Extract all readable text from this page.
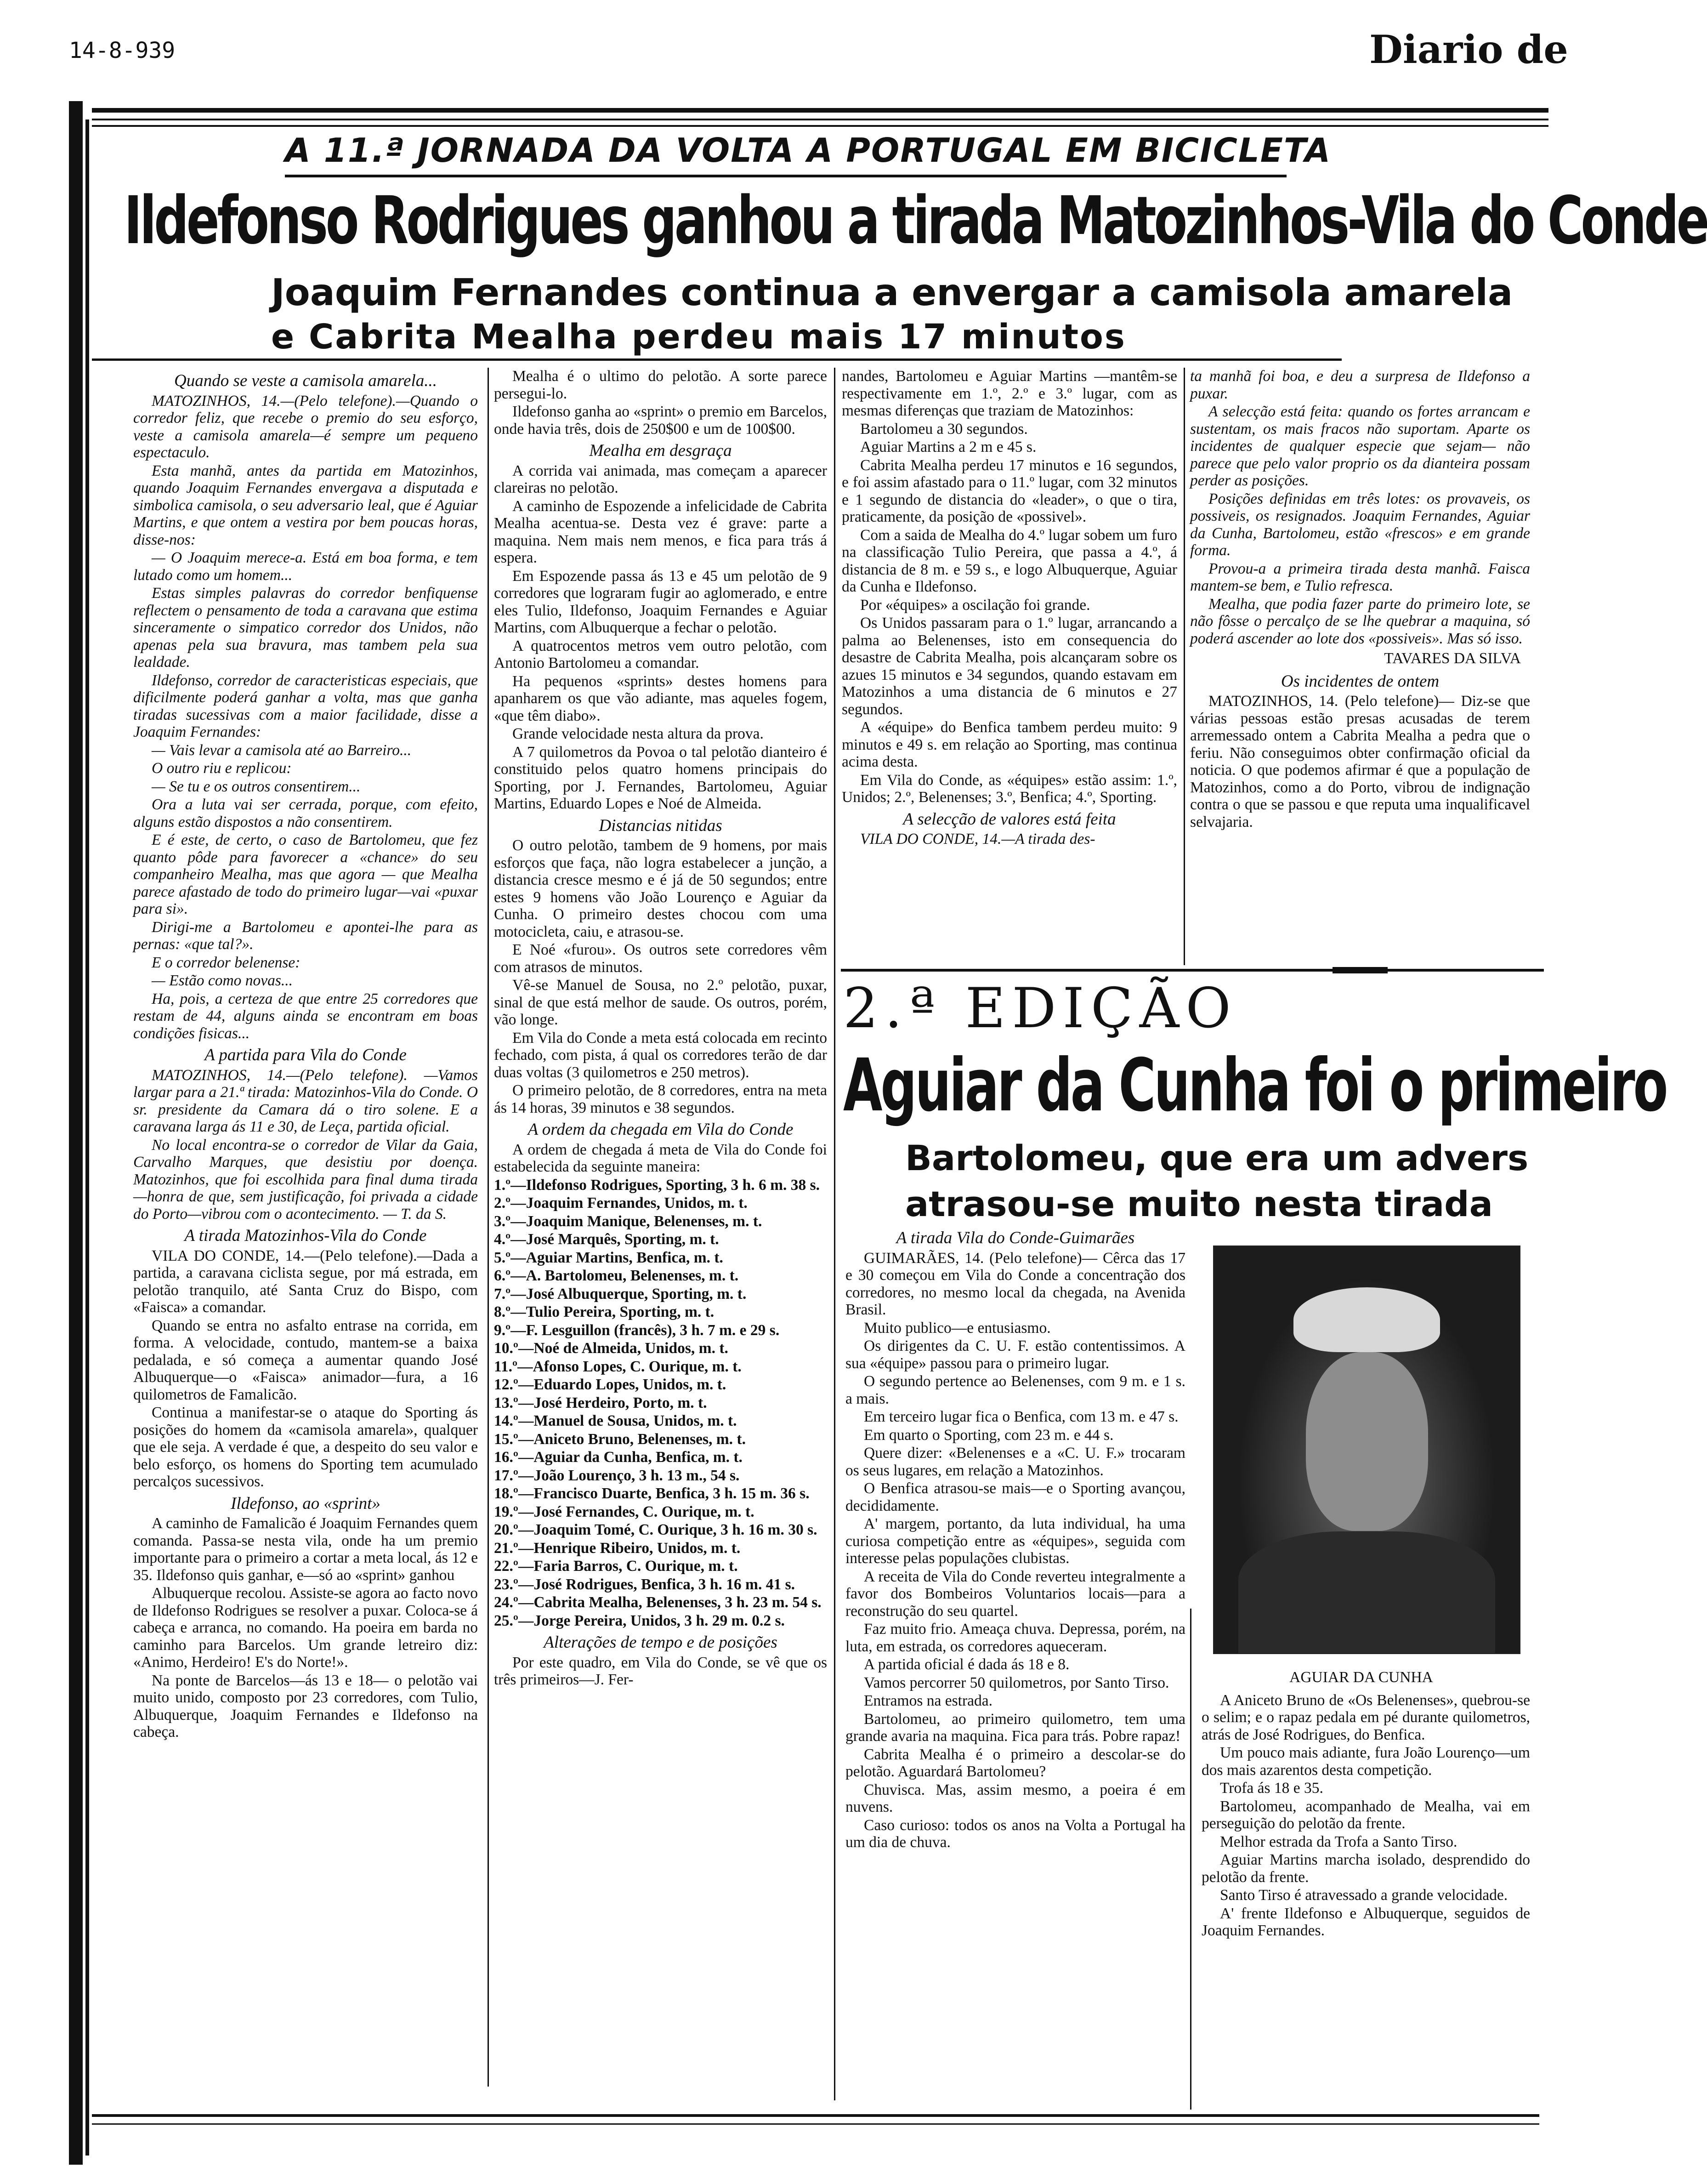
14-8-939	Diario de
A 11.ª JORNADA DA VOLTA A PORTUGAL EM BICICLETA
Ildefonso Rodrigues ganhou a tirada Matozinhos-Vila do Conde
Joaquim Fernandes continua a envergar a camisola amarela
e Cabrita Mealha perdeu mais 17 minutos

Quando se veste a camisola amarela...

MATOZINHOS, 14.—(Pelo telefone).—Quando o corredor feliz, que recebe o premio do seu esforço, veste a camisola amarela—é sempre um pequeno espectaculo.

Esta manhã, antes da partida em Matozinhos, quando Joaquim Fernandes envergava a disputada e simbolica camisola, o seu adversario leal, que é Aguiar Martins, e que ontem a vestira por bem poucas horas, disse-nos:

— O Joaquim merece-a. Está em boa forma, e tem lutado como um homem...

Estas simples palavras do corredor benfiquense reflectem o pensamento de toda a caravana que estima sinceramente o simpatico corredor dos Unidos, não apenas pela sua bravura, mas tambem pela sua lealdade.

Ildefonso, corredor de caracteristicas especiais, que dificilmente poderá ganhar a volta, mas que ganha tiradas sucessivas com a maior facilidade, disse a Joaquim Fernandes:

— Vais levar a camisola até ao Barreiro...

O outro riu e replicou:

— Se tu e os outros consentirem...

Ora a luta vai ser cerrada, porque, com efeito, alguns estão dispostos a não consentirem.

E é este, de certo, o caso de Bartolomeu, que fez quanto pôde para favorecer a «chance» do seu companheiro Mealha, mas que agora — que Mealha parece afastado de todo do primeiro lugar—vai «puxar para si».

Dirigi-me a Bartolomeu e apontei-lhe para as pernas: «que tal?».

E o corredor belenense:

— Estão como novas...

Ha, pois, a certeza de que entre 25 corredores que restam de 44, alguns ainda se encontram em boas condições fisicas...

A partida para Vila do Conde

MATOZINHOS, 14.—(Pelo telefone). —Vamos largar para a 21.ª tirada: Matozinhos-Vila do Conde. O sr. presidente da Camara dá o tiro solene. E a caravana larga ás 11 e 30, de Leça, partida oficial.

No local encontra-se o corredor de Vilar da Gaia, Carvalho Marques, que desistiu por doença. Matozinhos, que foi escolhida para final duma tirada —honra de que, sem justificação, foi privada a cidade do Porto—vibrou com o acontecimento. — T. da S.

A tirada Matozinhos-Vila do Conde

VILA DO CONDE, 14.—(Pelo telefone).—Dada a partida, a caravana ciclista segue, por má estrada, em pelotão tranquilo, até Santa Cruz do Bispo, com «Faisca» a comandar.

Quando se entra no asfalto entrase na corrida, em forma. A velocidade, contudo, mantem-se a baixa pedalada, e só começa a aumentar quando José Albuquerque—o «Faisca» animador—fura, a 16 quilometros de Famalicão.

Continua a manifestar-se o ataque do Sporting ás posições do homem da «camisola amarela», qualquer que ele seja. A verdade é que, a despeito do seu valor e belo esforço, os homens do Sporting tem acumulado percalços sucessivos.

Ildefonso, ao «sprint»

A caminho de Famalicão é Joaquim Fernandes quem comanda. Passa-se nesta vila, onde ha um premio importante para o primeiro a cortar a meta local, ás 12 e 35. Ildefonso quis ganhar, e—só ao «sprint» ganhou

Albuquerque recolou. Assiste-se agora ao facto novo de Ildefonso Rodrigues se resolver a puxar. Coloca-se á cabeça e arranca, no comando. Ha poeira em barda no caminho para Barcelos. Um grande letreiro diz: «Animo, Herdeiro! E's do Norte!».

Na ponte de Barcelos—ás 13 e 18— o pelotão vai muito unido, composto por 23 corredores, com Tulio, Albuquerque, Joaquim Fernandes e Ildefonso na cabeça.

Mealha é o ultimo do pelotão. A sorte parece persegui-lo.

Ildefonso ganha ao «sprint» o premio em Barcelos, onde havia três, dois de 250$00 e um de 100$00.

Mealha em desgraça

A corrida vai animada, mas começam a aparecer clareiras no pelotão.

A caminho de Espozende a infelicidade de Cabrita Mealha acentua-se. Desta vez é grave: parte a maquina. Nem mais nem menos, e fica para trás á espera.

Em Espozende passa ás 13 e 45 um pelotão de 9 corredores que lograram fugir ao aglomerado, e entre eles Tulio, Ildefonso, Joaquim Fernandes e Aguiar Martins, com Albuquerque a fechar o pelotão.

A quatrocentos metros vem outro pelotão, com Antonio Bartolomeu a comandar.

Ha pequenos «sprints» destes homens para apanharem os que vão adiante, mas aqueles fogem, «que têm diabo».

Grande velocidade nesta altura da prova.

A 7 quilometros da Povoa o tal pelotão dianteiro é constituido pelos quatro homens principais do Sporting, por J. Fernandes, Bartolomeu, Aguiar Martins, Eduardo Lopes e Noé de Almeida.

Distancias nitidas

O outro pelotão, tambem de 9 homens, por mais esforços que faça, não logra estabelecer a junção, a distancia cresce mesmo e é já de 50 segundos; entre estes 9 homens vão João Lourenço e Aguiar da Cunha. O primeiro destes chocou com uma motocicleta, caiu, e atrasou-se.

E Noé «furou». Os outros sete corredores vêm com atrasos de minutos.

Vê-se Manuel de Sousa, no 2.º pelotão, puxar, sinal de que está melhor de saude. Os outros, porém, vão longe.

Em Vila do Conde a meta está colocada em recinto fechado, com pista, á qual os corredores terão de dar duas voltas (3 quilometros e 250 metros).

O primeiro pelotão, de 8 corredores, entra na meta ás 14 horas, 39 minutos e 38 segundos.

A ordem da chegada em Vila do Conde

A ordem de chegada á meta de Vila do Conde foi estabelecida da seguinte maneira:

1.º—Ildefonso Rodrigues, Sporting, 3 h. 6 m. 38 s.

2.º—Joaquim Fernandes, Unidos, m. t.

3.º—Joaquim Manique, Belenenses, m. t.

4.º—José Marquês, Sporting, m. t.

5.º—Aguiar Martins, Benfica, m. t.

6.º—A. Bartolomeu, Belenenses, m. t.

7.º—José Albuquerque, Sporting, m. t.

8.º—Tulio Pereira, Sporting, m. t.

9.º—F. Lesguillon (francês), 3 h. 7 m. e 29 s.

10.º—Noé de Almeida, Unidos, m. t.

11.º—Afonso Lopes, C. Ourique, m. t.

12.º—Eduardo Lopes, Unidos, m. t.

13.º—José Herdeiro, Porto, m. t.

14.º—Manuel de Sousa, Unidos, m. t.

15.º—Aniceto Bruno, Belenenses, m. t.

16.º—Aguiar da Cunha, Benfica, m. t.

17.º—João Lourenço, 3 h. 13 m., 54 s.

18.º—Francisco Duarte, Benfica, 3 h. 15 m. 36 s.

19.º—José Fernandes, C. Ourique, m. t.

20.º—Joaquim Tomé, C. Ourique, 3 h. 16 m. 30 s.

21.º—Henrique Ribeiro, Unidos, m. t.

22.º—Faria Barros, C. Ourique, m. t.

23.º—José Rodrigues, Benfica, 3 h. 16 m. 41 s.

24.º—Cabrita Mealha, Belenenses, 3 h. 23 m. 54 s.

25.º—Jorge Pereira, Unidos, 3 h. 29 m. 0.2 s.

Alterações de tempo e de posições

Por este quadro, em Vila do Conde, se vê que os três primeiros—J. Fer-

nandes, Bartolomeu e Aguiar Martins —mantêm-se respectivamente em 1.º, 2.º e 3.º lugar, com as mesmas diferenças que traziam de Matozinhos:

Bartolomeu a 30 segundos.

Aguiar Martins a 2 m e 45 s.

Cabrita Mealha perdeu 17 minutos e 16 segundos, e foi assim afastado para o 11.º lugar, com 32 minutos e 1 segundo de distancia do «leader», o que o tira, praticamente, da posição de «possivel».

Com a saida de Mealha do 4.º lugar sobem um furo na classificação Tulio Pereira, que passa a 4.º, á distancia de 8 m. e 59 s., e logo Albuquerque, Aguiar da Cunha e Ildefonso.

Por «équipes» a oscilação foi grande.

Os Unidos passaram para o 1.º lugar, arrancando a palma ao Belenenses, isto em consequencia do desastre de Cabrita Mealha, pois alcançaram sobre os azues 15 minutos e 34 segundos, quando estavam em Matozinhos a uma distancia de 6 minutos e 27 segundos.

A «équipe» do Benfica tambem perdeu muito: 9 minutos e 49 s. em relação ao Sporting, mas continua acima desta.

Em Vila do Conde, as «équipes» estão assim: 1.º, Unidos; 2.º, Belenenses; 3.º, Benfica; 4.º, Sporting.

A selecção de valores está feita

VILA DO CONDE, 14.—A tirada des-

ta manhã foi boa, e deu a surpresa de Ildefonso a puxar.

A selecção está feita: quando os fortes arrancam e sustentam, os mais fracos não suportam. Aparte os incidentes de qualquer especie que sejam— não parece que pelo valor proprio os da dianteira possam perder as posições.

Posições definidas em três lotes: os provaveis, os possiveis, os resignados. Joaquim Fernandes, Aguiar da Cunha, Bartolomeu, estão «frescos» e em grande forma.

Provou-a a primeira tirada desta manhã. Faisca mantem-se bem, e Tulio refresca.

Mealha, que podia fazer parte do primeiro lote, se não fôsse o percalço de se lhe quebrar a maquina, só poderá ascender ao lote dos «possiveis». Mas só isso.

TAVARES DA SILVA

Os incidentes de ontem

MATOZINHOS, 14. (Pelo telefone)— Diz-se que várias pessoas estão presas acusadas de terem arremessado ontem a Cabrita Mealha a pedra que o feriu. Não conseguimos obter confirmação oficial da noticia. O que podemos afirmar é que a população de Matozinhos, como a do Porto, vibrou de indignação contra o que se passou e que reputa uma inqualificavel selvajaria.

2.ª EDIÇÃO
Aguiar da Cunha foi o primeiro
Bartolomeu, que era um advers
atrasou-se muito nesta tirada

A tirada Vila do Conde-Guimarães

GUIMARÃES, 14. (Pelo telefone)— Cêrca das 17 e 30 começou em Vila do Conde a concentração dos corredores, no mesmo local da chegada, na Avenida Brasil.

Muito publico—e entusiasmo.

Os dirigentes da C. U. F. estão contentissimos. A sua «équipe» passou para o primeiro lugar.

O segundo pertence ao Belenenses, com 9 m. e 1 s. a mais.

Em terceiro lugar fica o Benfica, com 13 m. e 47 s.

Em quarto o Sporting, com 23 m. e 44 s.

Quere dizer: «Belenenses e a «C. U. F.» trocaram os seus lugares, em relação a Matozinhos.

O Benfica atrasou-se mais—e o Sporting avançou, decididamente.

A' margem, portanto, da luta individual, ha uma curiosa competição entre as «équipes», seguida com interesse pelas populações clubistas.

A receita de Vila do Conde reverteu integralmente a favor dos Bombeiros Voluntarios locais—para a reconstrução do seu quartel.

Faz muito frio. Ameaça chuva. Depressa, porém, na luta, em estrada, os corredores aqueceram.

A partida oficial é dada ás 18 e 8.

Vamos percorrer 50 quilometros, por Santo Tirso.

Entramos na estrada.

Bartolomeu, ao primeiro quilometro, tem uma grande avaria na maquina. Fica para trás. Pobre rapaz!

Cabrita Mealha é o primeiro a descolar-se do pelotão. Aguardará Bartolomeu?

Chuvisca. Mas, assim mesmo, a poeira é em nuvens.

Caso curioso: todos os anos na Volta a Portugal ha um dia de chuva.

AGUIAR DA CUNHA

A Aniceto Bruno de «Os Belenenses», quebrou-se o selim; e o rapaz pedala em pé durante quilometros, atrás de José Rodrigues, do Benfica.

Um pouco mais adiante, fura João Lourenço—um dos mais azarentos desta competição.

Trofa ás 18 e 35.

Bartolomeu, acompanhado de Mealha, vai em perseguição do pelotão da frente.

Melhor estrada da Trofa a Santo Tirso.

Aguiar Martins marcha isolado, desprendido do pelotão da frente.

Santo Tirso é atravessado a grande velocidade.

A' frente Ildefonso e Albuquerque, seguidos de Joaquim Fernandes.
